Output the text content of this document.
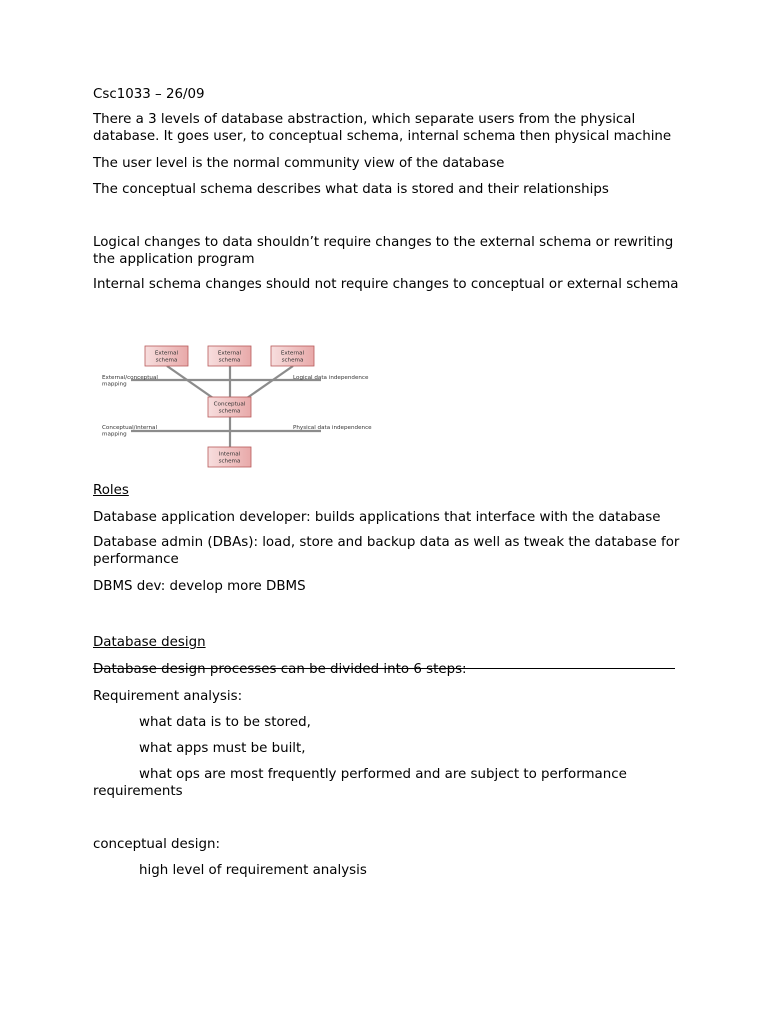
Csc1033 – 26/09

There a 3 levels of database abstraction, which separate users from the physical database. It goes user, to conceptual schema, internal schema then physical machine

The user level is the normal community view of the database

The conceptual schema describes what data is stored and their relationships

Logical changes to data shouldn’t require changes to the external schema or rewriting the application program

Internal schema changes should not require changes to conceptual or external schema

Roles

Database application developer: builds applications that interface with the database

Database admin (DBAs): load, store and backup data as well as tweak the database for performance

DBMS dev: develop more DBMS

Database design

Database design processes can be divided into 6 steps:

Requirement analysis:

what data is to be stored,

what apps must be built,

what ops are most frequently performed and are subject to performance requirements

conceptual design:

high level of requirement analysis

External
schema
External
schema
External
schema
Conceptual
schema
Internal
schema
External/conceptual
mapping
Conceptual/internal
mapping
Logical data independence
Physical data independence
